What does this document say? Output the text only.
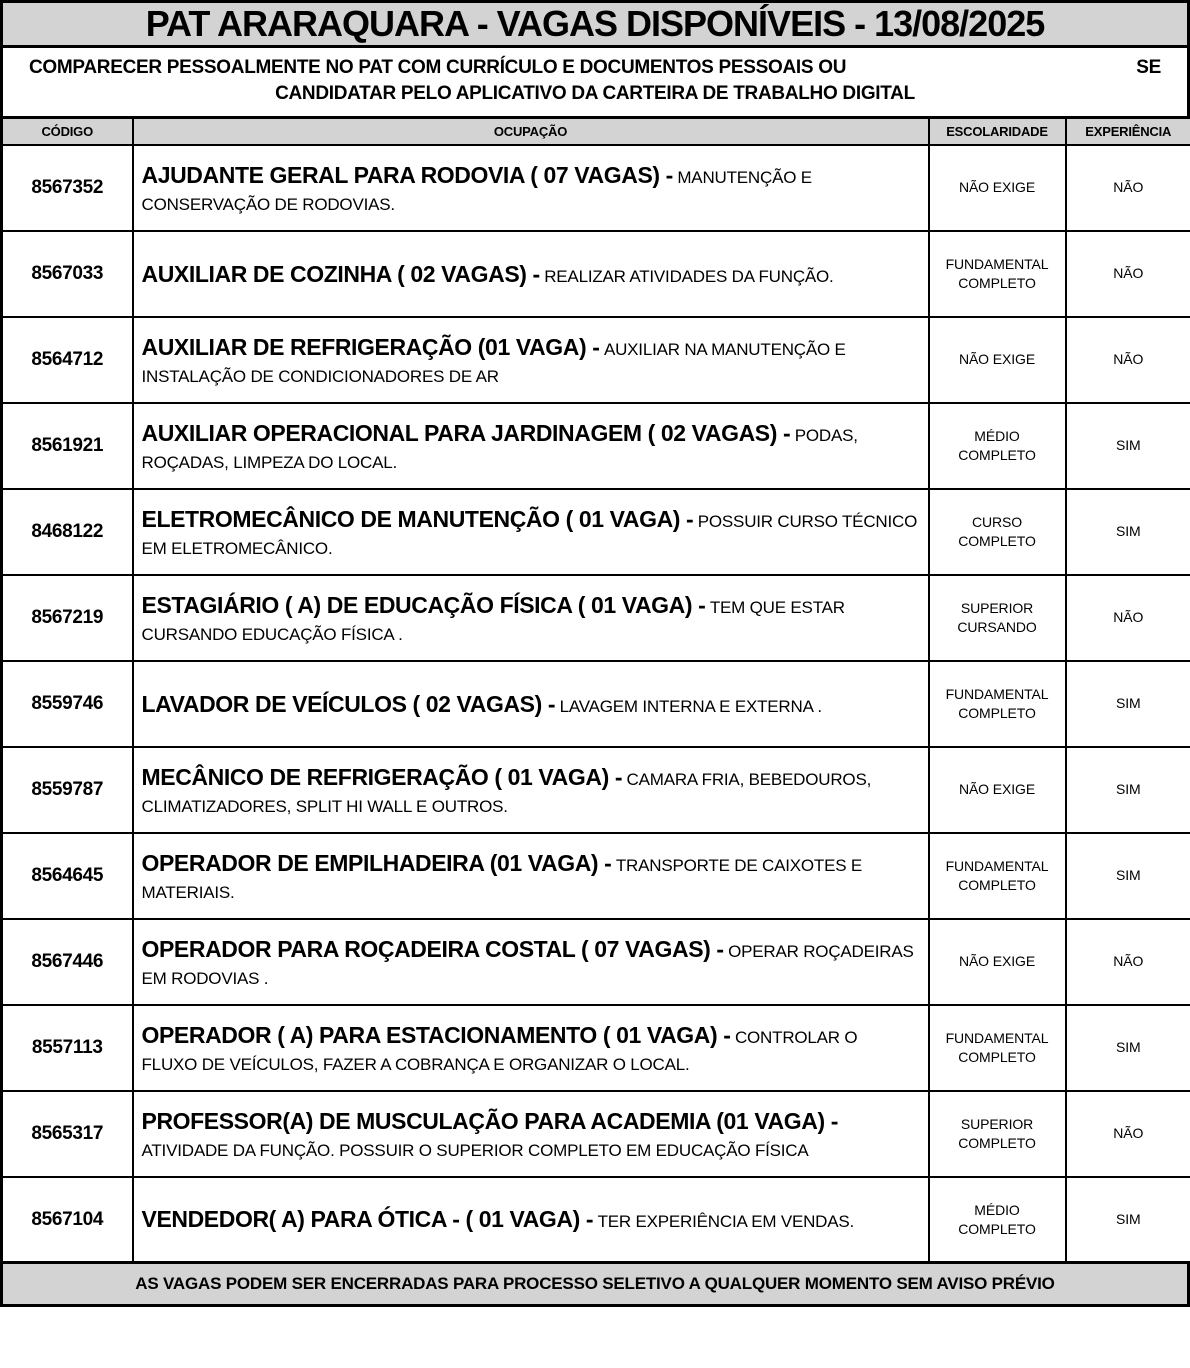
PAT ARARAQUARA - VAGAS DISPONÍVEIS - 13/08/2025
COMPARECER PESSOALMENTE NO PAT COM CURRÍCULO E DOCUMENTOS PESSOAIS OU	SE
CANDIDATAR PELO APLICATIVO DA CARTEIRA DE TRABALHO DIGITAL
CÓDIGO	OCUPAÇÃO	ESCOLARIDADE	EXPERIÊNCIA
8567352	AJUDANTE GERAL PARA RODOVIA ( 07 VAGAS) - MANUTENÇÃO E CONSERVAÇÃO DE RODOVIAS.	NÃO EXIGE	NÃO
8567033	AUXILIAR DE COZINHA ( 02 VAGAS) - REALIZAR ATIVIDADES DA FUNÇÃO.	FUNDAMENTAL COMPLETO	NÃO
8564712	AUXILIAR DE REFRIGERAÇÃO (01 VAGA) - AUXILIAR NA MANUTENÇÃO E INSTALAÇÃO DE CONDICIONADORES DE AR	NÃO EXIGE	NÃO
8561921	AUXILIAR OPERACIONAL PARA JARDINAGEM ( 02 VAGAS) - PODAS, ROÇADAS, LIMPEZA DO LOCAL.	MÉDIO COMPLETO	SIM
8468122	ELETROMECÂNICO DE MANUTENÇÃO ( 01 VAGA) - POSSUIR CURSO TÉCNICO EM ELETROMECÂNICO.	CURSO COMPLETO	SIM
8567219	ESTAGIÁRIO ( A) DE EDUCAÇÃO FÍSICA ( 01 VAGA) - TEM QUE ESTAR CURSANDO EDUCAÇÃO FÍSICA .	SUPERIOR CURSANDO	NÃO
8559746	LAVADOR DE VEÍCULOS ( 02 VAGAS) - LAVAGEM INTERNA E EXTERNA .	FUNDAMENTAL COMPLETO	SIM
8559787	MECÂNICO DE REFRIGERAÇÃO ( 01 VAGA) - CAMARA FRIA, BEBEDOUROS, CLIMATIZADORES, SPLIT HI WALL E OUTROS.	NÃO EXIGE	SIM
8564645	OPERADOR DE EMPILHADEIRA (01 VAGA) - TRANSPORTE DE CAIXOTES E MATERIAIS.	FUNDAMENTAL COMPLETO	SIM
8567446	OPERADOR PARA ROÇADEIRA COSTAL ( 07 VAGAS) - OPERAR ROÇADEIRAS EM RODOVIAS .	NÃO EXIGE	NÃO
8557113	OPERADOR ( A) PARA ESTACIONAMENTO ( 01 VAGA) - CONTROLAR O FLUXO DE VEÍCULOS, FAZER A COBRANÇA E ORGANIZAR O LOCAL.	FUNDAMENTAL COMPLETO	SIM
8565317	PROFESSOR(A) DE MUSCULAÇÃO PARA ACADEMIA (01 VAGA) - ATIVIDADE DA FUNÇÃO. POSSUIR O SUPERIOR COMPLETO EM EDUCAÇÃO FÍSICA	SUPERIOR COMPLETO	NÃO
8567104	VENDEDOR( A) PARA ÓTICA - ( 01 VAGA) - TER EXPERIÊNCIA EM VENDAS.	MÉDIO COMPLETO	SIM
AS VAGAS PODEM SER ENCERRADAS PARA PROCESSO SELETIVO A QUALQUER MOMENTO SEM AVISO PRÉVIO
